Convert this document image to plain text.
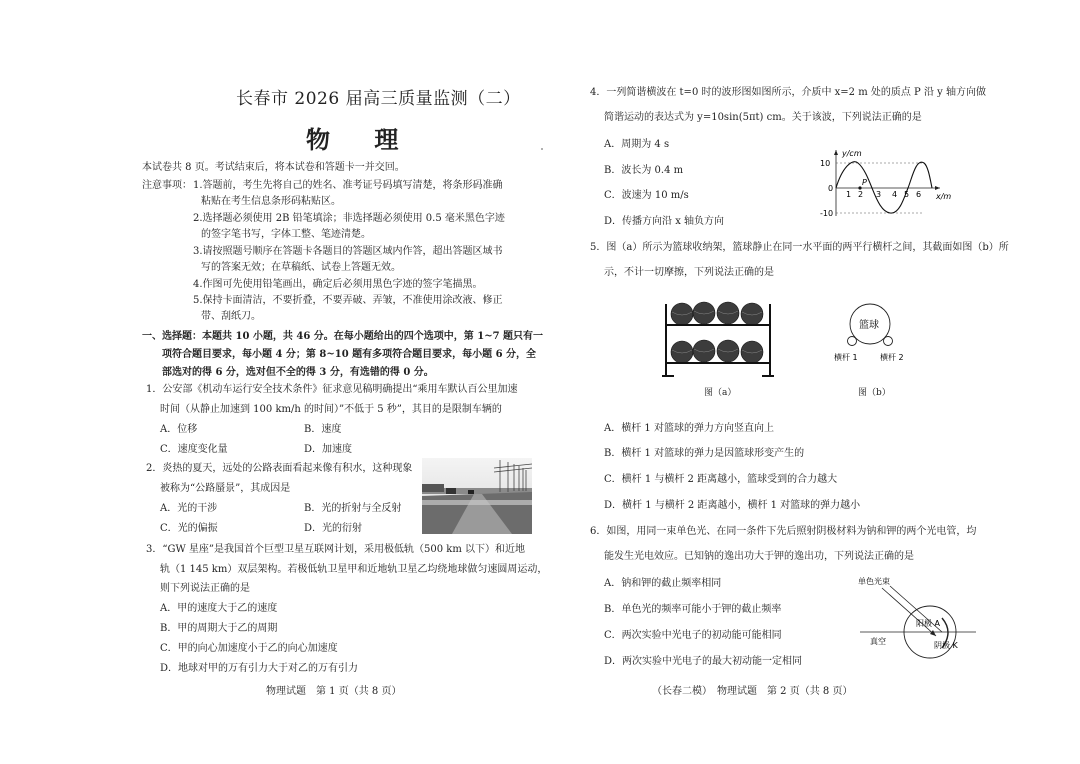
长春市 2026 届高三质量监测（二）
物 理
本试卷共 8 页。考试结束后，将本试卷和答题卡一并交回。
注意事项： 1.答题前，考生先将自己的姓名、准考证号码填写清楚，将条形码准确
粘贴在考生信息条形码粘贴区。
2.选择题必须使用 2B 铅笔填涂；非选择题必须使用 0.5 毫米黑色字迹
的签字笔书写，字体工整、笔迹清楚。
3.请按照题号顺序在答题卡各题目的答题区域内作答，超出答题区域书
写的答案无效；在草稿纸、试卷上答题无效。
4.作图可先使用铅笔画出，确定后必须用黑色字迹的签字笔描黑。
5.保持卡面清洁，不要折叠，不要弄破、弄皱，不准使用涂改液、修正
带、刮纸刀。
一、选择题：本题共 10 小题，共 46 分。在每小题给出的四个选项中，第 1~7 题只有一
项符合题目要求，每小题 4 分；第 8~10 题有多项符合题目要求，每小题 6 分，全
部选对的得 6 分，选对但不全的得 3 分，有选错的得 0 分。
1．公安部《机动车运行安全技术条件》征求意见稿明确提出“乘用车默认百公里加速
时间（从静止加速到 100 km/h 的时间）”不低于 5 秒”，其目的是限制车辆的
A．位移	B．速度
C．速度变化量	D．加速度
2．炎热的夏天，远处的公路表面看起来像有积水，这种现象
被称为“公路蜃景”，其成因是
A．光的干涉	B．光的折射与全反射
C．光的偏振	D．光的衍射
3．“GW 星座”是我国首个巨型卫星互联网计划，采用极低轨（500 km 以下）和近地
轨（1 145 km）双层架构。若极低轨卫星甲和近地轨卫星乙均绕地球做匀速圆周运动，
则下列说法正确的是
A．甲的速度大于乙的速度
B．甲的周期大于乙的周期
C．甲的向心加速度小于乙的向心加速度
D．地球对甲的万有引力大于对乙的万有引力
物理试题　第 1 页（共 8 页）
4．一列简谐横波在 t=0 时的波形图如图所示，介质中 x=2 m 处的质点 P 沿 y 轴方向做
简谐运动的表达式为 y=10sin(5πt) cm。关于该波，下列说法正确的是
A．周期为 4 s
B．波长为 0.4 m
C．波速为 10 m/s
D．传播方向沿 x 轴负方向
10
0
-10
y/cm
x/m
P
1 2 3 4 5 6
5．图（a）所示为篮球收纳架，篮球静止在同一水平面的两平行横杆之间，其截面如图（b）所
示，不计一切摩擦，下列说法正确的是
图（a）
篮球
横杆 1	横杆 2
图（b）
A．横杆 1 对篮球的弹力方向竖直向上
B．横杆 1 对篮球的弹力是因篮球形变产生的
C．横杆 1 与横杆 2 距离越小，篮球受到的合力越大
D．横杆 1 与横杆 2 距离越小，横杆 1 对篮球的弹力越小
6．如图，用同一束单色光、在同一条件下先后照射阴极材料为钠和钾的两个光电管，均
能发生光电效应。已知钠的逸出功大于钾的逸出功，下列说法正确的是
A．钠和钾的截止频率相同
B．单色光的频率可能小于钾的截止频率
C．两次实验中光电子的初动能可能相同
D．两次实验中光电子的最大初动能一定相同
单色光束
阳极 A
真空	阴极 K
（长春二模）　物理试题　第 2 页（共 8 页）
